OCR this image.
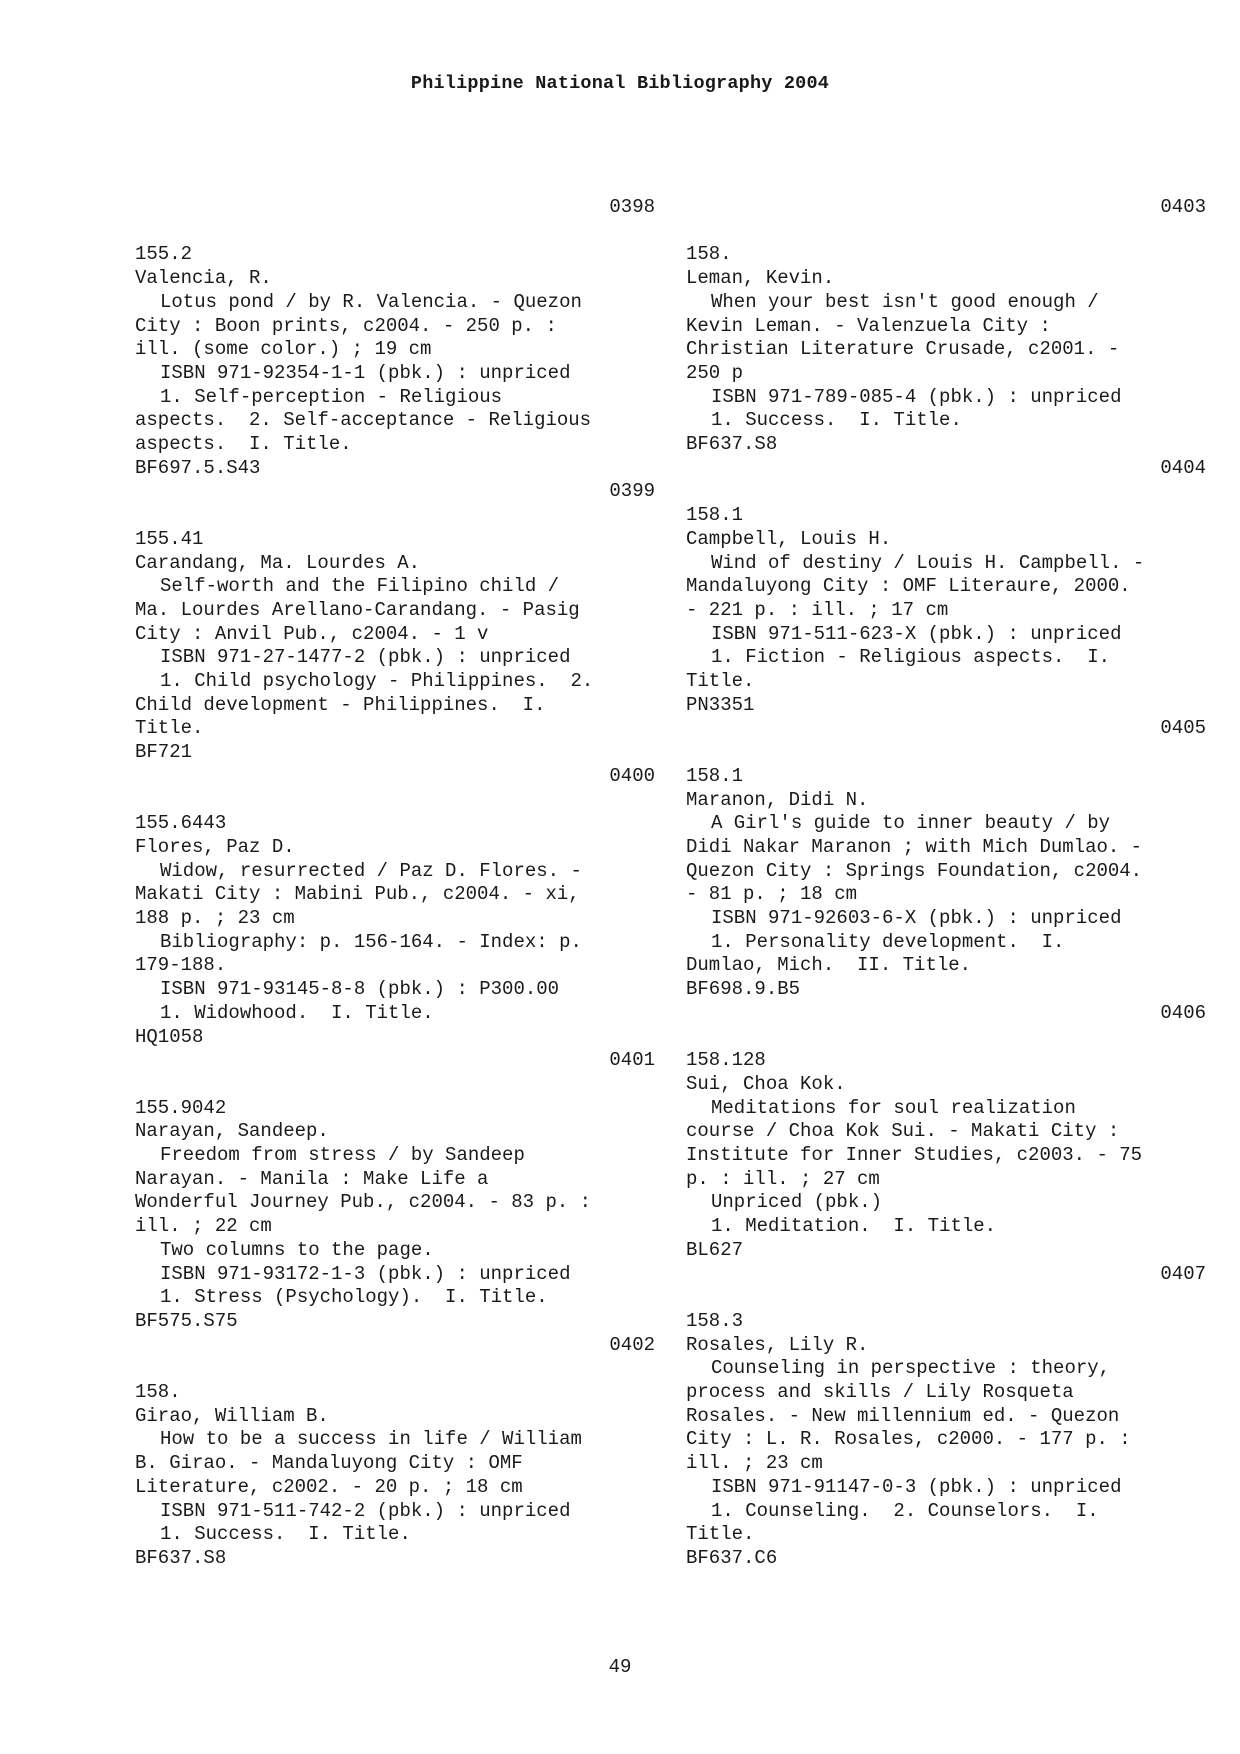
Philippine National Bibliography 2004
0398
155.2
Valencia, R.
Lotus pond / by R. Valencia. - Quezon
City : Boon prints, c2004. - 250 p. :
ill. (some color.) ; 19 cm
ISBN 971-92354-1-1 (pbk.) : unpriced
1. Self-perception - Religious
aspects.  2. Self-acceptance - Religious
aspects.  I. Title.
BF697.5.S43
0399
155.41
Carandang, Ma. Lourdes A.
Self-worth and the Filipino child /
Ma. Lourdes Arellano-Carandang. - Pasig
City : Anvil Pub., c2004. - 1 v
ISBN 971-27-1477-2 (pbk.) : unpriced
1. Child psychology - Philippines.  2.
Child development - Philippines.  I.
Title.
BF721
0400
155.6443
Flores, Paz D.
Widow, resurrected / Paz D. Flores. -
Makati City : Mabini Pub., c2004. - xi,
188 p. ; 23 cm
Bibliography: p. 156-164. - Index: p.
179-188.
ISBN 971-93145-8-8 (pbk.) : P300.00
1. Widowhood.  I. Title.
HQ1058
0401
155.9042
Narayan, Sandeep.
Freedom from stress / by Sandeep
Narayan. - Manila : Make Life a
Wonderful Journey Pub., c2004. - 83 p. :
ill. ; 22 cm
Two columns to the page.
ISBN 971-93172-1-3 (pbk.) : unpriced
1. Stress (Psychology).  I. Title.
BF575.S75
0402
158.
Girao, William B.
How to be a success in life / William
B. Girao. - Mandaluyong City : OMF
Literature, c2002. - 20 p. ; 18 cm
ISBN 971-511-742-2 (pbk.) : unpriced
1. Success.  I. Title.
BF637.S8
0403
158.
Leman, Kevin.
When your best isn't good enough /
Kevin Leman. - Valenzuela City :
Christian Literature Crusade, c2001. -
250 p
ISBN 971-789-085-4 (pbk.) : unpriced
1. Success.  I. Title.
BF637.S8
0404
158.1
Campbell, Louis H.
Wind of destiny / Louis H. Campbell. -
Mandaluyong City : OMF Literaure, 2000.
- 221 p. : ill. ; 17 cm
ISBN 971-511-623-X (pbk.) : unpriced
1. Fiction - Religious aspects.  I.
Title.
PN3351
0405
158.1
Maranon, Didi N.
A Girl's guide to inner beauty / by
Didi Nakar Maranon ; with Mich Dumlao. -
Quezon City : Springs Foundation, c2004.
- 81 p. ; 18 cm
ISBN 971-92603-6-X (pbk.) : unpriced
1. Personality development.  I.
Dumlao, Mich.  II. Title.
BF698.9.B5
0406
158.128
Sui, Choa Kok.
Meditations for soul realization
course / Choa Kok Sui. - Makati City :
Institute for Inner Studies, c2003. - 75
p. : ill. ; 27 cm
Unpriced (pbk.)
1. Meditation.  I. Title.
BL627
0407
158.3
Rosales, Lily R.
Counseling in perspective : theory,
process and skills / Lily Rosqueta
Rosales. - New millennium ed. - Quezon
City : L. R. Rosales, c2000. - 177 p. :
ill. ; 23 cm
ISBN 971-91147-0-3 (pbk.) : unpriced
1. Counseling.  2. Counselors.  I.
Title.
BF637.C6
49
